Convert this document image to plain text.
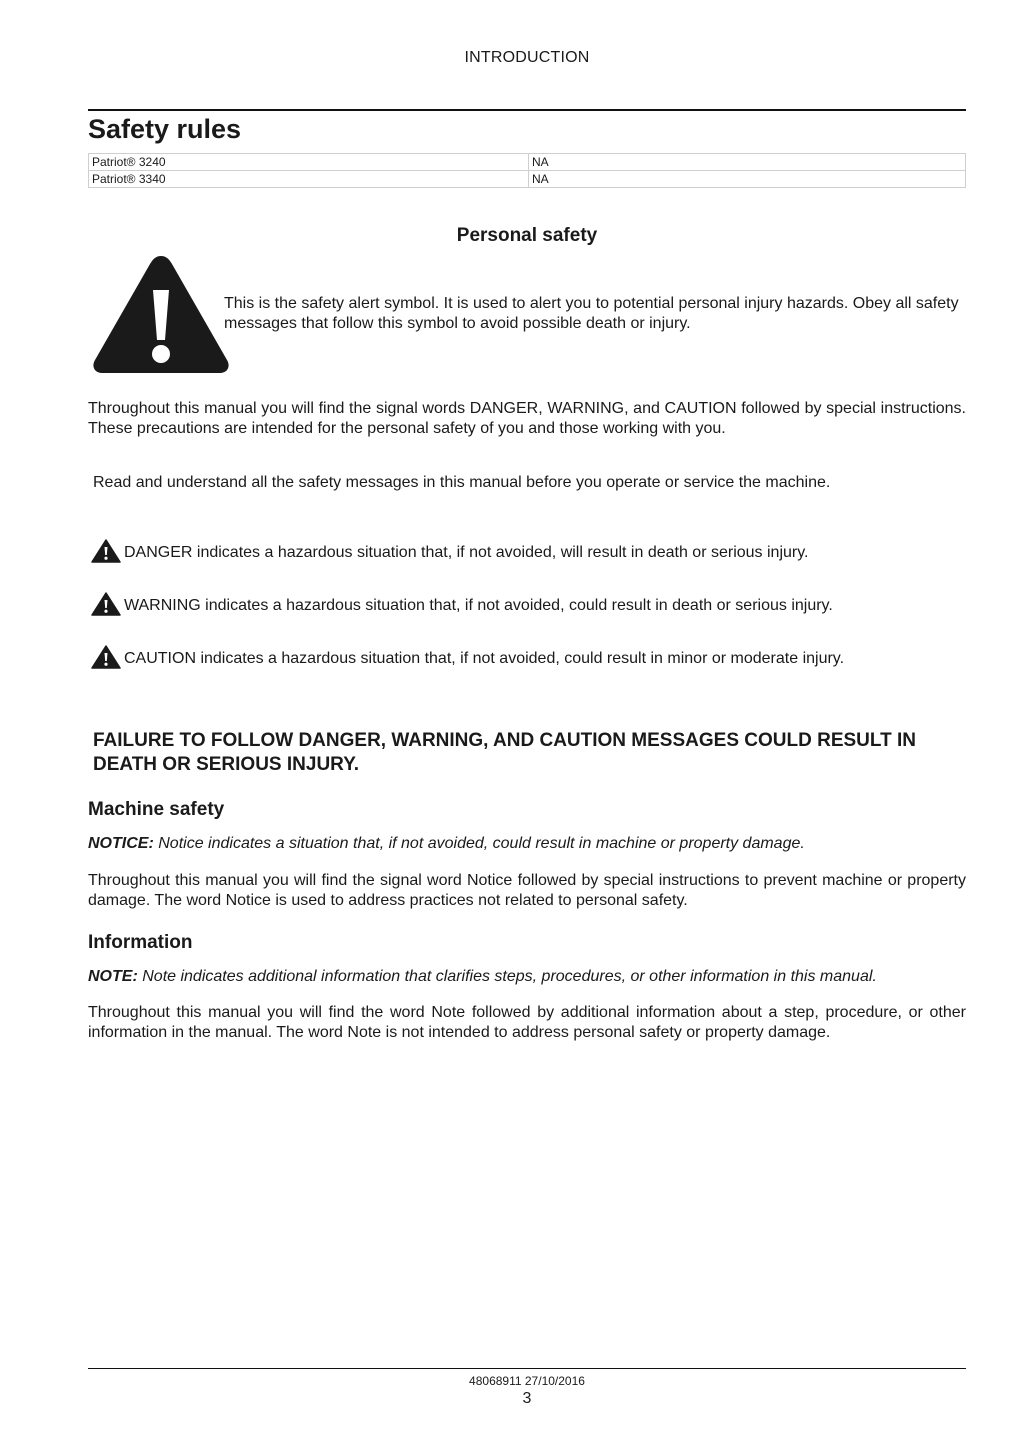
INTRODUCTION
Safety rules
Patriot® 3240	NA
Patriot® 3340	NA
Personal safety
This is the safety alert symbol. It is used to alert you to potential personal injury hazards. Obey all safety messages that follow this symbol to avoid possible death or injury.
Throughout this manual you will find the signal words DANGER, WARNING, and CAUTION followed by special instructions. These precautions are intended for the personal safety of you and those working with you.
Read and understand all the safety messages in this manual before you operate or service the machine.
DANGER indicates a hazardous situation that, if not avoided, will result in death or serious injury.
WARNING indicates a hazardous situation that, if not avoided, could result in death or serious injury.
CAUTION indicates a hazardous situation that, if not avoided, could result in minor or moderate injury.
FAILURE TO FOLLOW DANGER, WARNING, AND CAUTION MESSAGES COULD RESULT IN DEATH OR SERIOUS INJURY.
Machine safety
NOTICE: Notice indicates a situation that, if not avoided, could result in machine or property damage.
Throughout this manual you will find the signal word Notice followed by special instructions to prevent machine or property damage. The word Notice is used to address practices not related to personal safety.
Information
NOTE: Note indicates additional information that clarifies steps, procedures, or other information in this manual.
Throughout this manual you will find the word Note followed by additional information about a step, procedure, or other information in the manual. The word Note is not intended to address personal safety or property damage.
48068911 27/10/2016
3
